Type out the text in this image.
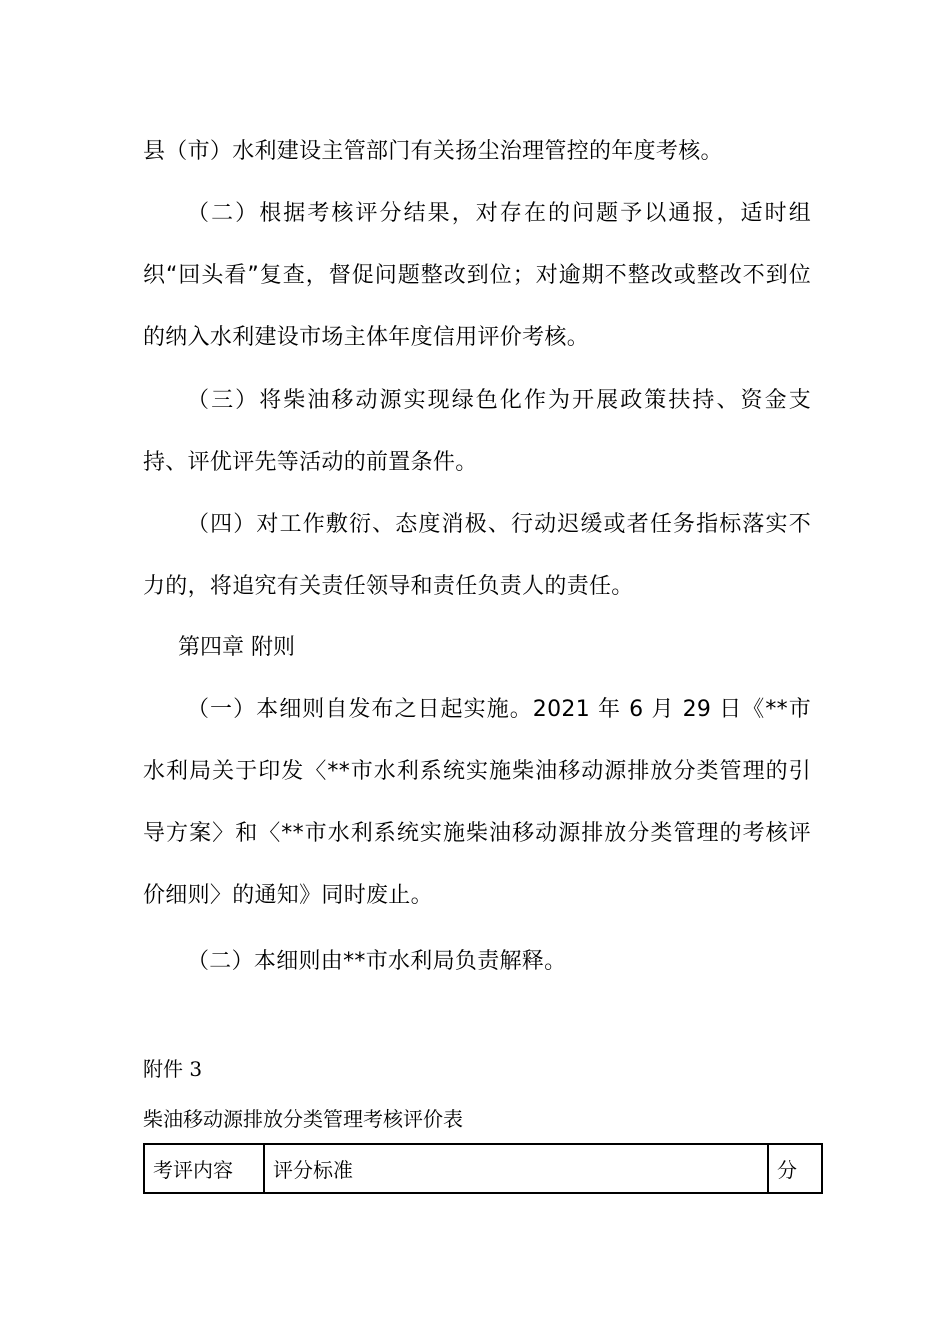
县（市）水利建设主管部门有关扬尘治理管控的年度考核。

（二）根据考核评分结果，对存在的问题予以通报，适时组织“回头看”复查，督促问题整改到位；对逾期不整改或整改不到位的纳入水利建设市场主体年度信用评价考核。

（三）将柴油移动源实现绿色化作为开展政策扶持、资金支持、评优评先等活动的前置条件。

（四）对工作敷衍、态度消极、行动迟缓或者任务指标落实不力的，将追究有关责任领导和责任负责人的责任。

第四章 附则

（一）本细则自发布之日起实施。2021 年 6 月 29 日《**市水利局关于印发〈**市水利系统实施柴油移动源排放分类管理的引导方案〉和〈**市水利系统实施柴油移动源排放分类管理的考核评价细则〉的通知》同时废止。

（二）本细则由**市水利局负责解释。

附件 3

柴油移动源排放分类管理考核评价表

考评内容	评分标准	分
